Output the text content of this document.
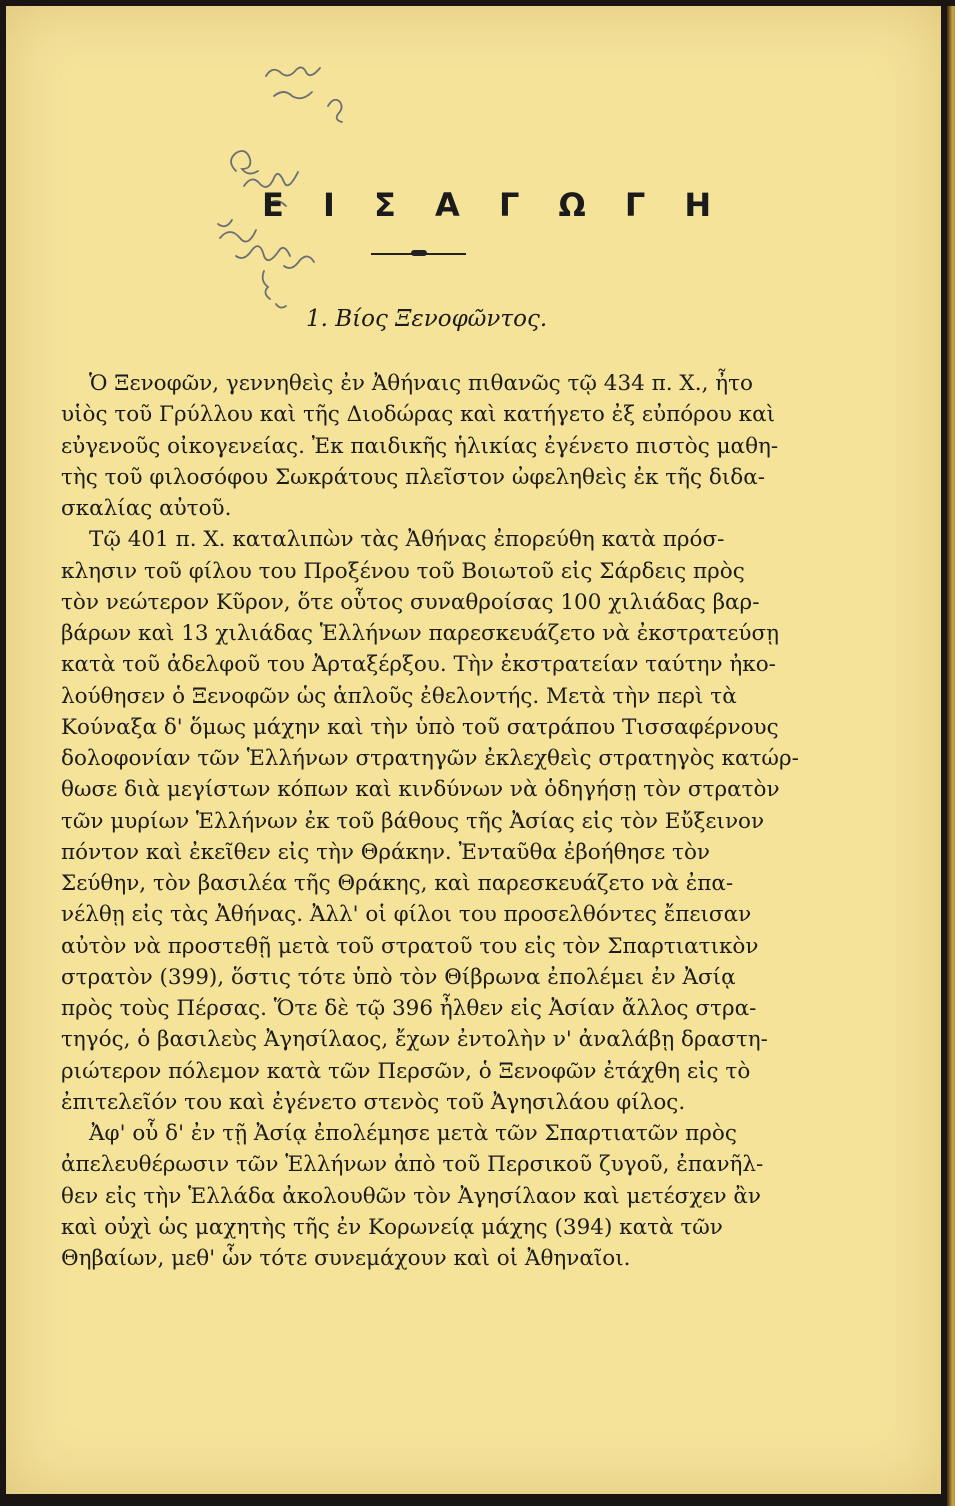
Ε Ι Σ Α Γ Ω Γ Η
1. Βίος Ξενοφῶντος.
Ὁ Ξενοφῶν, γεννηθεὶς ἐν Ἀθήναις πιθανῶς τῷ 434 π. Χ., ἦτο
υἱὸς τοῦ Γρύλλου καὶ τῆς Διοδώρας καὶ κατήγετο ἐξ εὐπόρου καὶ
εὐγενοῦς οἰκογενείας. Ἐκ παιδικῆς ἡλικίας ἐγένετο πιστὸς μαθη-
τὴς τοῦ φιλοσόφου Σωκράτους πλεῖστον ὠφεληθεὶς ἐκ τῆς διδα-
σκαλίας αὐτοῦ.
Τῷ 401 π. Χ. καταλιπὼν τὰς Ἀθήνας ἐπορεύθη κατὰ πρόσ-
κλησιν τοῦ φίλου του Προξένου τοῦ Βοιωτοῦ εἰς Σάρδεις πρὸς
τὸν νεώτερον Κῦρον, ὅτε οὗτος συναθροίσας 100 χιλιάδας βαρ-
βάρων καὶ 13 χιλιάδας Ἑλλήνων παρεσκευάζετο νὰ ἐκστρατεύσῃ
κατὰ τοῦ ἀδελφοῦ του Ἀρταξέρξου. Τὴν ἐκστρατείαν ταύτην ἠκο-
λούθησεν ὁ Ξενοφῶν ὡς ἁπλοῦς ἐθελοντής. Μετὰ τὴν περὶ τὰ
Κούναξα δ' ὅμως μάχην καὶ τὴν ὑπὸ τοῦ σατράπου Τισσαφέρνους
δολοφονίαν τῶν Ἑλλήνων στρατηγῶν ἐκλεχθεὶς στρατηγὸς κατώρ-
θωσε διὰ μεγίστων κόπων καὶ κινδύνων νὰ ὁδηγήσῃ τὸν στρατὸν
τῶν μυρίων Ἑλλήνων ἐκ τοῦ βάθους τῆς Ἀσίας εἰς τὸν Εὔξεινον
πόντον καὶ ἐκεῖθεν εἰς τὴν Θράκην. Ἐνταῦθα ἐβοήθησε τὸν
Σεύθην, τὸν βασιλέα τῆς Θράκης, καὶ παρεσκευάζετο νὰ ἐπα-
νέλθῃ εἰς τὰς Ἀθήνας. Ἀλλ' οἱ φίλοι του προσελθόντες ἔπεισαν
αὐτὸν νὰ προστεθῇ μετὰ τοῦ στρατοῦ του εἰς τὸν Σπαρτιατικὸν
στρατὸν (399), ὅστις τότε ὑπὸ τὸν Θίβρωνα ἐπολέμει ἐν Ἀσίᾳ
πρὸς τοὺς Πέρσας. Ὅτε δὲ τῷ 396 ἦλθεν εἰς Ἀσίαν ἄλλος στρα-
τηγός, ὁ βασιλεὺς Ἀγησίλαος, ἔχων ἐντολὴν ν' ἀναλάβῃ δραστη-
ριώτερον πόλεμον κατὰ τῶν Περσῶν, ὁ Ξενοφῶν ἐτάχθη εἰς τὸ
ἐπιτελεῖόν του καὶ ἐγένετο στενὸς τοῦ Ἀγησιλάου φίλος.
Ἀφ' οὗ δ' ἐν τῇ Ἀσίᾳ ἐπολέμησε μετὰ τῶν Σπαρτιατῶν πρὸς
ἀπελευθέρωσιν τῶν Ἑλλήνων ἀπὸ τοῦ Περσικοῦ ζυγοῦ, ἐπανῆλ-
θεν εἰς τὴν Ἑλλάδα ἀκολουθῶν τὸν Ἀγησίλαον καὶ μετέσχεν ἂν
καὶ οὐχὶ ὡς μαχητὴς τῆς ἐν Κορωνείᾳ μάχης (394) κατὰ τῶν
Θηβαίων, μεθ' ὧν τότε συνεμάχουν καὶ οἱ Ἀθηναῖοι.
